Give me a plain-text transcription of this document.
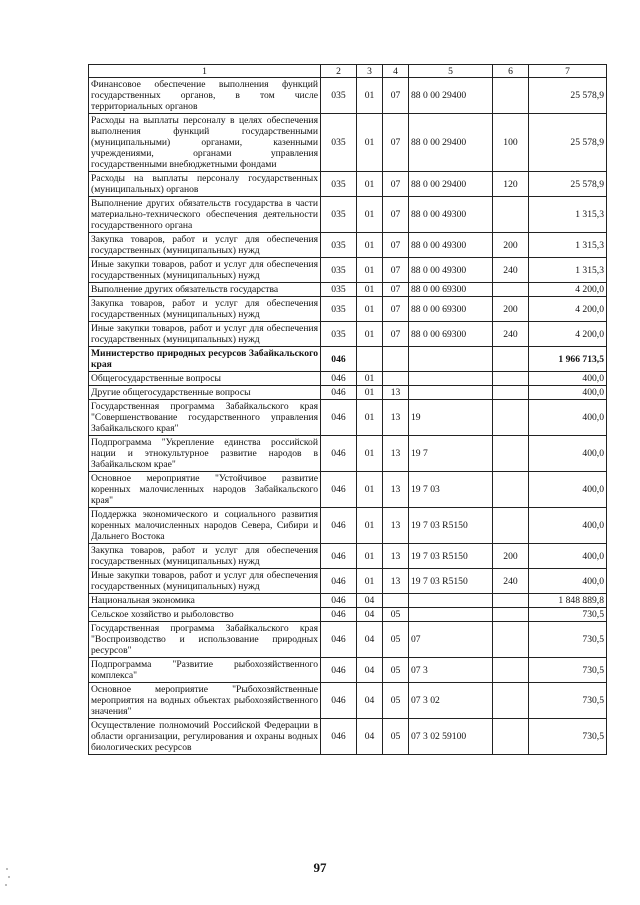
1	2	3	4	5	6	7
Финансовое обеспечение выполнения функций государственных органов, в том числе территориальных органов	035	01	07	88 0 00 29400		25 578,9
Расходы на выплаты персоналу в целях обеспечения выполнения функций государственными (муниципальными) органами, казенными учреждениями, органами управления государственными внебюджетными фондами	035	01	07	88 0 00 29400	100	25 578,9
Расходы на выплаты персоналу государственных (муниципальных) органов	035	01	07	88 0 00 29400	120	25 578,9
Выполнение других обязательств государства в части материально-технического обеспечения деятельности государственного органа	035	01	07	88 0 00 49300		1 315,3
Закупка товаров, работ и услуг для обеспечения государственных (муниципальных) нужд	035	01	07	88 0 00 49300	200	1 315,3
Иные закупки товаров, работ и услуг для обеспечения государственных (муниципальных) нужд	035	01	07	88 0 00 49300	240	1 315,3
Выполнение других обязательств государства	035	01	07	88 0 00 69300		4 200,0
Закупка товаров, работ и услуг для обеспечения государственных (муниципальных) нужд	035	01	07	88 0 00 69300	200	4 200,0
Иные закупки товаров, работ и услуг для обеспечения государственных (муниципальных) нужд	035	01	07	88 0 00 69300	240	4 200,0
Министерство природных ресурсов Забайкальского края	046					1 966 713,5
Общегосударственные вопросы	046	01				400,0
Другие общегосударственные вопросы	046	01	13			400,0
Государственная программа Забайкальского края "Совершенствование государственного управления Забайкальского края"	046	01	13	19		400,0
Подпрограмма "Укрепление единства российской нации и этнокультурное развитие народов в Забайкальском крае"	046	01	13	19 7		400,0
Основное мероприятие "Устойчивое развитие коренных малочисленных народов Забайкальского края"	046	01	13	19 7 03		400,0
Поддержка экономического и социального развития коренных малочисленных народов Севера, Сибири и Дальнего Востока	046	01	13	19 7 03 R5150		400,0
Закупка товаров, работ и услуг для обеспечения государственных (муниципальных) нужд	046	01	13	19 7 03 R5150	200	400,0
Иные закупки товаров, работ и услуг для обеспечения государственных (муниципальных) нужд	046	01	13	19 7 03 R5150	240	400,0
Национальная экономика	046	04				1 848 889,8
Сельское хозяйство и рыболовство	046	04	05			730,5
Государственная программа Забайкальского края "Воспроизводство и использование природных ресурсов"	046	04	05	07		730,5
Подпрограмма "Развитие рыбохозяйственного комплекса"	046	04	05	07 3		730,5
Основное мероприятие "Рыбохозяйственные мероприятия на водных объектах рыбохозяйственного значения"	046	04	05	07 3 02		730,5
Осуществление полномочий Российской Федерации в области организации, регулирования и охраны водных биологических ресурсов	046	04	05	07 3 02 59100		730,5
97
